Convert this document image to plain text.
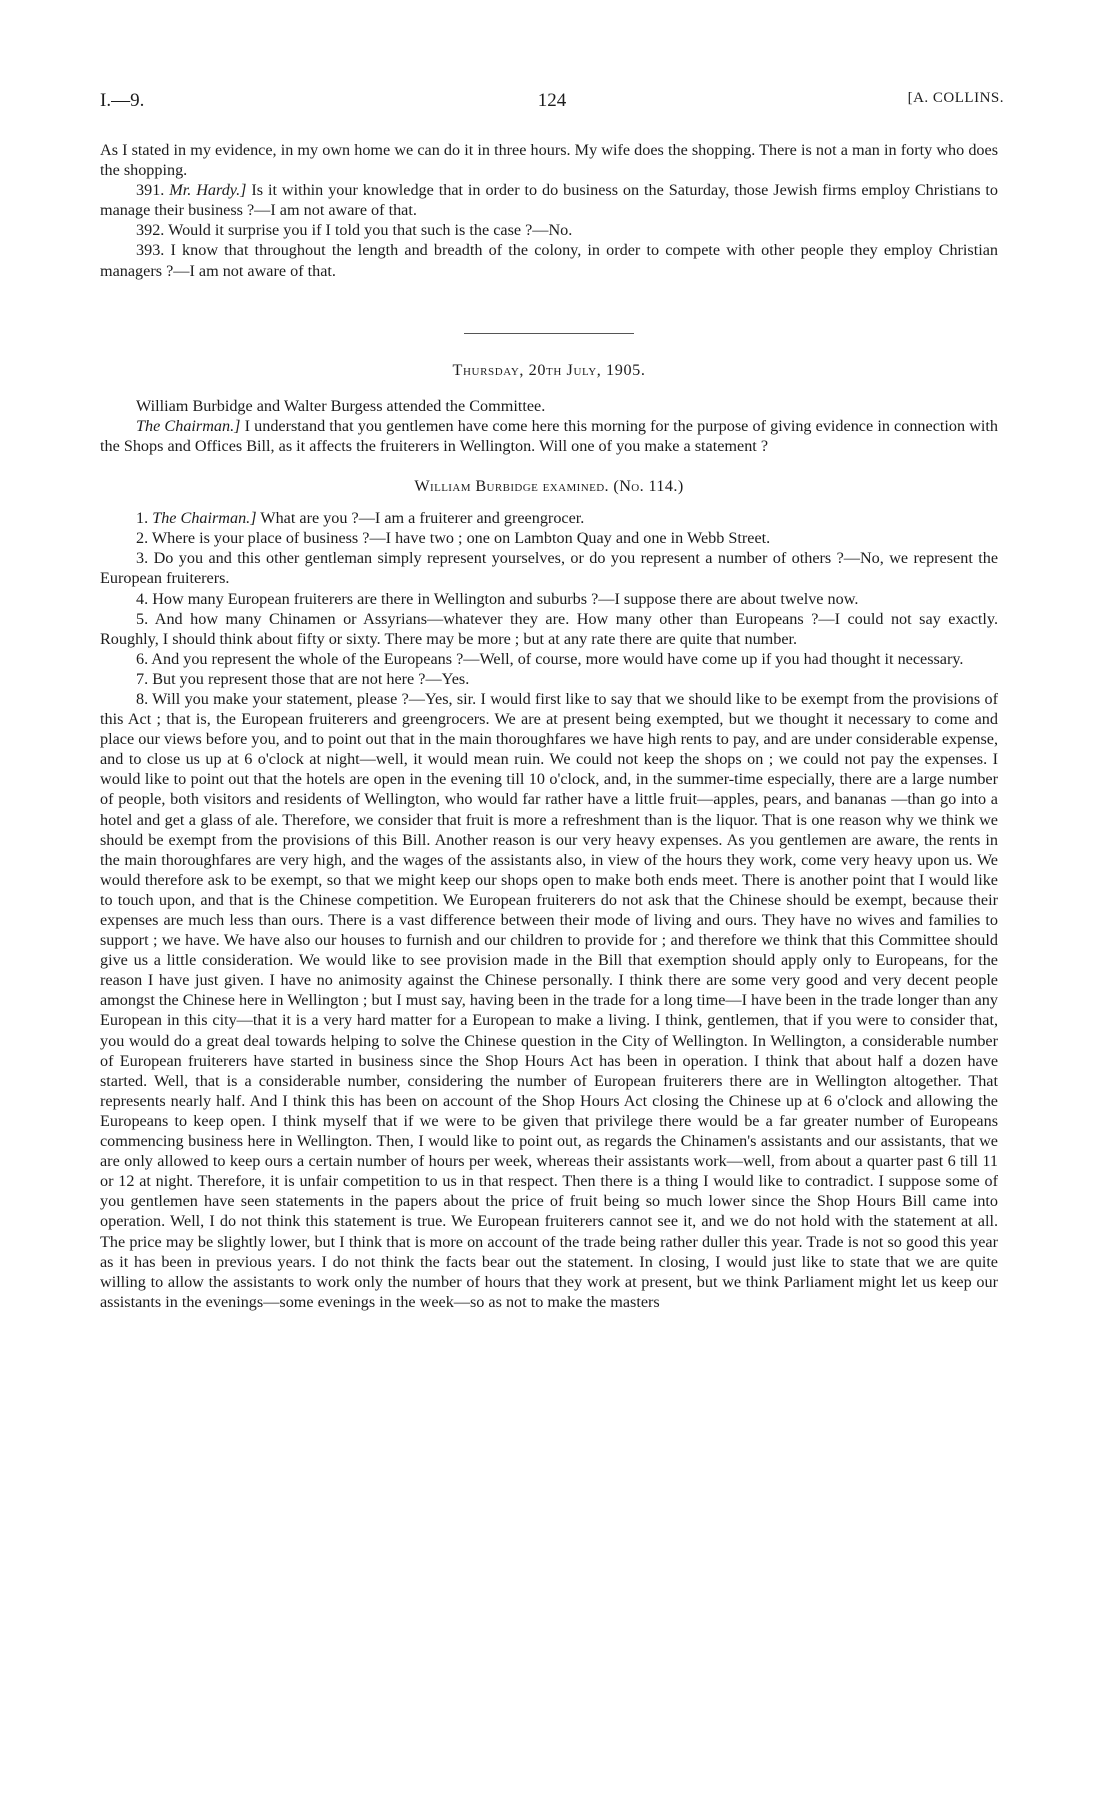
I.—9.	124	[A. COLLINS.

As I stated in my evidence, in my own home we can do it in three hours. My wife does the shopping. There is not a man in forty who does the shopping.

391. Mr. Hardy.] Is it within your knowledge that in order to do business on the Saturday, those Jewish firms employ Christians to manage their business ?—I am not aware of that.

392. Would it surprise you if I told you that such is the case ?—No.

393. I know that throughout the length and breadth of the colony, in order to compete with other people they employ Christian managers ?—I am not aware of that.

Thursday, 20th July, 1905.

William Burbidge and Walter Burgess attended the Committee.

The Chairman.] I understand that you gentlemen have come here this morning for the purpose of giving evidence in connection with the Shops and Offices Bill, as it affects the fruiterers in Wellington. Will one of you make a statement ?

William Burbidge examined. (No. 114.)

1. The Chairman.] What are you ?—I am a fruiterer and greengrocer.

2. Where is your place of business ?—I have two ; one on Lambton Quay and one in Webb Street.

3. Do you and this other gentleman simply represent yourselves, or do you represent a number of others ?—No, we represent the European fruiterers.

4. How many European fruiterers are there in Wellington and suburbs ?—I suppose there are about twelve now.

5. And how many Chinamen or Assyrians—whatever they are. How many other than Europeans ?—I could not say exactly. Roughly, I should think about fifty or sixty. There may be more ; but at any rate there are quite that number.

6. And you represent the whole of the Europeans ?—Well, of course, more would have come up if you had thought it necessary.

7. But you represent those that are not here ?—Yes.

8. Will you make your statement, please ?—Yes, sir. I would first like to say that we should like to be exempt from the provisions of this Act ; that is, the European fruiterers and greengrocers. We are at present being exempted, but we thought it necessary to come and place our views before you, and to point out that in the main thoroughfares we have high rents to pay, and are under considerable expense, and to close us up at 6 o'clock at night—well, it would mean ruin. We could not keep the shops on ; we could not pay the expenses. I would like to point out that the hotels are open in the evening till 10 o'clock, and, in the summer-time especially, there are a large number of people, both visitors and residents of Wellington, who would far rather have a little fruit—apples, pears, and bananas —than go into a hotel and get a glass of ale. Therefore, we consider that fruit is more a refreshment than is the liquor. That is one reason why we think we should be exempt from the provisions of this Bill. Another reason is our very heavy expenses. As you gentlemen are aware, the rents in the main thoroughfares are very high, and the wages of the assistants also, in view of the hours they work, come very heavy upon us. We would therefore ask to be exempt, so that we might keep our shops open to make both ends meet. There is another point that I would like to touch upon, and that is the Chinese competition. We European fruiterers do not ask that the Chinese should be exempt, because their expenses are much less than ours. There is a vast difference between their mode of living and ours. They have no wives and families to support ; we have. We have also our houses to furnish and our children to provide for ; and therefore we think that this Committee should give us a little consideration. We would like to see provision made in the Bill that exemption should apply only to Europeans, for the reason I have just given. I have no animosity against the Chinese personally. I think there are some very good and very decent people amongst the Chinese here in Wellington ; but I must say, having been in the trade for a long time—I have been in the trade longer than any European in this city—that it is a very hard matter for a European to make a living. I think, gentlemen, that if you were to consider that, you would do a great deal towards helping to solve the Chinese question in the City of Wellington. In Wellington, a considerable number of European fruiterers have started in business since the Shop Hours Act has been in operation. I think that about half a dozen have started. Well, that is a considerable number, considering the number of European fruiterers there are in Wellington altogether. That represents nearly half. And I think this has been on account of the Shop Hours Act closing the Chinese up at 6 o'clock and allowing the Europeans to keep open. I think myself that if we were to be given that privilege there would be a far greater number of Europeans commencing business here in Wellington. Then, I would like to point out, as regards the Chinamen's assistants and our assistants, that we are only allowed to keep ours a certain number of hours per week, whereas their assistants work—well, from about a quarter past 6 till 11 or 12 at night. Therefore, it is unfair competition to us in that respect. Then there is a thing I would like to contradict. I suppose some of you gentlemen have seen statements in the papers about the price of fruit being so much lower since the Shop Hours Bill came into operation. Well, I do not think this statement is true. We European fruiterers cannot see it, and we do not hold with the statement at all. The price may be slightly lower, but I think that is more on account of the trade being rather duller this year. Trade is not so good this year as it has been in previous years. I do not think the facts bear out the statement. In closing, I would just like to state that we are quite willing to allow the assistants to work only the number of hours that they work at present, but we think Parliament might let us keep our assistants in the evenings—some evenings in the week—so as not to make the masters
